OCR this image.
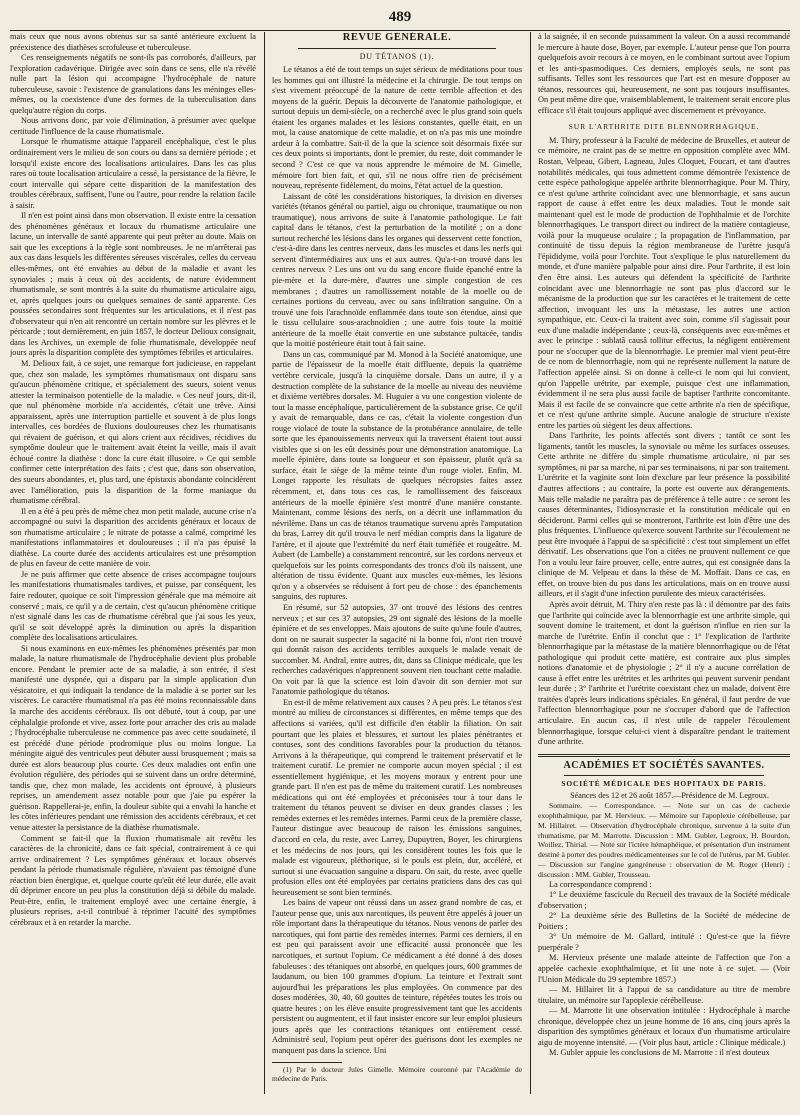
489

mais ceux que nous avons obtenus sur sa santé antérieure excluent la préexistence des diathèses scrofuleuse et tuberculeuse.

Ces renseignements négatifs ne sont-ils pas corroborés, d'ailleurs, par l'exploration cadavérique. Dirigée avec soin dans ce sens, elle n'a révélé nulle part la lésion qui accompagne l'hydrocéphale de nature tuberculeuse, savoir : l'existence de granulations dans les méninges elles-mêmes, ou la coexistence d'une des formes de la tuberculisation dans quelqu'autre région du corps.

Nous arrivons donc, par voie d'élimination, à présumer avec quelque certitude l'influence de la cause rhumatismale.

Lorsque le rhumatisme attaque l'appareil encéphalique, c'est le plus ordinairement vers le milieu de son cours ou dans sa dernière période ; et lorsqu'il existe encore des localisations articulaires. Dans les cas plus rares où toute localisation articulaire a cessé, la persistance de la fièvre, le court intervalle qui sépare cette disparition de la manifestation des troubles cérébraux, suffisent, l'une ou l'autre, pour rendre la relation facile à saisir.

Il n'en est point ainsi dans mon observation. Il existe entre la cessation des phénomènes généraux et locaux du rhumatisme articulaire une lacune, un intervalle de santé apparente qui peut prêter au doute. Mais on sait que les exceptions à la règle sont nombreuses. Je ne m'arrêterai pas aux cas dans lesquels les différentes séreuses viscérales, celles du cerveau elles-mêmes, ont été envahies au début de la maladie et avant les synoviales ; mais à ceux où des accidents, de nature évidemment rhumatismale, se sont montrés à la suite du rhumatisme articulaire aigu, et, après quelques jours ou quelques semaines de santé apparente. Ces poussées secondaires sont fréquentes sur les articulations, et il n'est pas d'observateur qui n'en ait rencontré un certain nombre sur les plèvres et le péricarde ; tout dernièrement, en juin 1857, le docteur Delioux consignait, dans les Archives, un exemple de folie rhumatismale, développée neuf jours après la disparition complète des symptômes fébriles et articulaires.

M. Delioux fait, à ce sujet, une remarque fort judicieuse, en rappelant que, chez son malade, les symptômes rhumatismaux ont disparu sans qu'aucun phénomène critique, et spécialement des sueurs, soient venus attester la terminaison potentielle de la maladie. « Ces neuf jours, dit-il, que nul phénomène morbide n'a accidentés, c'était une trêve. Ainsi apparaissent, après une interruption partielle et souvent à de plus longs intervalles, ces bordées de fluxions douloureuses chez les rhumatisants qui révaient de guérison, et qui alors crient aux récidives, récidives du symptôme douleur que le traitement avait éteint la veille, mais il avait échoué contre la diathèse : donc la cure était illusoire. » Ce qui semble confirmer cette interprétation des faits ; c'est que, dans son observation, des sueurs abondantes, et, plus tard, une épistaxis abondante coïncidèrent avec l'amélioration, puis la disparition de la forme maniaque du rhumatisme cérébral.

Il en a été à peu près de même chez mon petit malade, aucune crise n'a accompagné ou suivi la disparition des accidents généraux et locaux de son rhumatisme articulaire ; le nitrate de potasse a calmé, comprimé les manifestations inflammatoires et douloureuses ; il n'a pas épuisé la diathèse. La courte durée des accidents articulaires est une présomption de plus en faveur de cette manière de voir.

Je ne puis affirmer que cette absence de crises accompagne toujours les manifestations rhumatismales tardives, et puisse, par conséquent, les faire redouter, quoique ce soit l'impression générale que ma mémoire ait conservé ; mais, ce qu'il y a de certain, c'est qu'aucun phénomène critique n'est signalé dans les cas de rhumatisme cérébral que j'ai sous les yeux, qu'il se soit développé après la diminution ou après la disparition complète des localisations articulaires.

Si nous examinons en eux-mêmes les phénomènes présentés par mon malade, la nature rhumatismale de l'hydrocéphalie devient plus probable encore. Pendant le premier acte de sa maladie, à son entrée, il s'est manifesté une dyspnée, qui a disparu par la simple application d'un vésicatoire, et qui indiquait la tendance de la maladie à se porter sur les viscères. Le caractère rhumatismal n'a pas été moins reconnaissable dans la marche des accidents cérébraux. Ils ont débuté, tout à coup, par une céphalalgie profonde et vive, assez forte pour arracher des cris au malade ; l'hydrocéphalie tuberculeuse ne commence pas avec cette soudaineté, il est précédé d'une période prodromique plus ou moins longue. La méningite aiguë des ventricules peut débuter aussi brusquement ; mais sa durée est alors beaucoup plus courte. Ces deux maladies ont enfin une évolution régulière, des périodes qui se suivent dans un ordre déterminé, tandis que, chez mon malade, les accidents ont éprouvé, à plusieurs reprises, un amendement assez notable pour que j'aie pu espérer la guérison. Rappellerai-je, enfin, la douleur subite qui a envahi la hanche et les côtes inférieures pendant une rémission des accidents cérébraux, et cet venue attester la persistance de la diathèse rhumatismale.

Comment se fait-il que la fluxion rhumatismale ait revêtu les caractères de la chronicité, dans ce fait spécial, contrairement à ce qui arrive ordinairement ? Les symptômes généraux et locaux observés pendant la période rhumatismale régulière, n'avaient pas témoigné d'une réaction bien énergique, et, quelque courte qu'eût été leur durée, elle avait dû déprimer encore un peu plus la constitution déjà si débile du malade. Peut-être, enfin, le traitement employé avec une certaine énergie, à plusieurs reprises, a-t-il contribué à réprimer l'acuité des symptômes cérébraux et à en retarder la marche.

REVUE GÉNÉRALE.
DU TÉTANOS (1).

Le tétanos a été de tout temps un sujet sérieux de méditations pour tous les hommes qui ont illustré la médecine et la chirurgie. De tout temps on s'est vivement préoccupé de la nature de cette terrible affection et des moyens de la guérir. Depuis la découverte de l'anatomie pathologique, et surtout depuis un demi-siècle, on a recherché avec le plus grand soin quels étaient les organes malades et les lésions constantes, quelle était, en un mot, la cause anatomique de cette maladie, et on n'a pas mis une moindre ardeur à la combattre. Sait-il de la que la science soit désormais fixée sur ces deux points si importants, dont le premier, du reste, doit commander le second ? C'est ce que va nous apprendre le mémoire de M. Gimelle, mémoire fort bien fait, et qui, s'il ne nous offre rien de précisément nouveau, représente fidèlement, du moins, l'état actuel de la question.

Laissant de côté les considérations historiques, la division en diverses variétés (tétanos général ou partiel, aigu ou chronique, traumatique ou non traumatique), nous arrivons de suite à l'anatomie pathologique. Le fait capital dans le tétanos, c'est la perturbation de la motilité ; on a donc surtout recherché les lésions dans les organes qui desservent cette fonction, c'est-à-dire dans les centres nerveux, dans les muscles et dans les nerfs qui servent d'intermédiaires aux uns et aux autres. Qu'a-t-on trouvé dans les centres nerveux ? Les uns ont vu du sang encore fluide épanché entre la pie-mère et la dure-mère, d'autres une simple congestion de ces membranes ; d'autres un ramollissement notable de la moelle ou de certaines portions du cerveau, avec ou sans infiltration sanguine. On a trouvé une fois l'arachnoïde enflammée dans toute son étendue, ainsi que le tissu cellulaire sous-arachnoïdien ; une autre fois toute la moitié antérieure de la moelle était convertie en une substance pultacée, tandis que la moitié postérieure était tout à fait saine.

Dans un cas, communiqué par M. Monod à la Société anatomique, une partie de l'épaisseur de la moelle était diffluente, depuis la quatrième vertèbre cervicale, jusqu'à la cinquième dorsale. Dans un autre, il y a destruction complète de la substance de la moelle au niveau des neuvième et dixième vertèbres dorsales. M. Huguier a vu une congestion violente de tout la masse encéphalique, particulièrement de la substance grise. Ce qu'il y avait de remarquable, dans ce cas, c'était la violente congestion d'un rouge violacé de toute la substance de la protubérance annulaire, de telle sorte que les épanouissements nerveux qui la traversent étaient tout aussi visibles que si on les eût dessinés pour une démonstration anatomique. La moelle épinière, dans toute sa longueur et son épaisseur, plutôt qu'à sa surface, était le siège de la même teinte d'un rouge violet. Enfin, M. Longet rapporte les résultats de quelques nécropsies faites assez récemment, et, dans tous ces cas, le ramollissement des faisceaux antérieurs de la moelle épinière s'est montré d'une manière constante. Maintenant, comme lésions des nerfs, on a décrit une inflammation du névrilème. Dans un cas de tétanos traumatique survenu après l'amputation du bras, Larrey dit qu'il trouva le nerf médian compris dans la ligature de l'artère, et il ajoute que l'extrémité du nerf était tuméfiée et rougeâtre. M. Aubert (de Lambelle) a constamment rencontré, sur les cordons nerveux et quelquefois sur les points correspondants des troncs d'où ils naissent, une altération de tissu évidente. Quant aux muscles eux-mêmes, les lésions qu'on y a observées se réduisent à fort peu de chose : des épanchements sanguins, des ruptures.

En résumé, sur 52 autopsies, 37 ont trouvé des lésions des centres nerveux ; et sur ces 37 autopsies, 29 ont signalé des lésions de la moelle épinière et de ses enveloppes. Mais ajoutons de suite qu'une foule d'autres, dont on ne saurait suspecter la sagacité ni la bonne foi, n'ont rien trouvé qui donnât raison des accidents terribles auxquels le malade venait de succomber. M. Andral, entre autres, dit, dans sa Clinique médicale, que les recherches cadavériques n'apprennent souvent rien touchant cette maladie. On voit par là que la science est loin d'avoir dit son dernier mot sur l'anatomie pathologique du tétanos.

En est-il de même relativement aux causes ? A peu près. Le tétanos s'est montré au milieu de circonstances si différentes, en même temps que des affections si variées, qu'il est difficile d'en établir la filiation. On sait pourtant que les plaies et blessures, et surtout les plaies pénétrantes et contuses, sont des conditions favorables pour la production du tétanos. Arrivons à la thérapeutique, qui comprend le traitement préservatif et le traitement curatif. Le premier ne comporte aucun moyen spécial ; il est essentiellement hygiénique, et les moyens moraux y entrent pour une grande part. Il n'en est pas de même du traitement curatif. Les nombreuses médications qui ont été employées et préconisées tour à tour dans le traitement du tétanos peuvent se diviser en deux grandes classes ; les remèdes externes et les remèdes internes. Parmi ceux de la première classe, l'auteur distingue avec beaucoup de raison les émissions sanguines, d'accord en cela, du reste, avec Larrey, Dupuytren, Boyer, les chirurgiens et les médecins de nos jours, qui les considèrent toutes les fois que le malade est vigoureux, pléthorique, si le pouls est plein, dur, accéléré, et surtout si une évacuation sanguine a disparu. On sait, du reste, avec quelle profusion elles ont été employées par certains praticiens dans des cas qui heureusement se sont bien terminés.

Les bains de vapeur ont réussi dans un assez grand nombre de cas, et l'auteur pense que, unis aux narcotiques, ils peuvent être appelés à jouer un rôle important dans la thérapeutique du tétanos. Nous venons de parler des narcotiques, qui font partie des remèdes internes. Parmi ces derniers, il en est peu qui paraissent avoir une efficacité aussi prononcée que les narcotiques, et surtout l'opium. Ce médicament a été donné à des doses fabuleuses : des tétaniques ont absorbé, en quelques jours, 600 grammes de laudanum, ou bien 100 grammes d'opium. La teinture et l'extrait sont aujourd'hui les préparations les plus employées. On commence par des doses modérées, 30, 40, 60 gouttes de teinture, répétées toutes les trois ou quatre heures ; on les élève ensuite progressivement tant que les accidents persistent ou augmentent, et il faut insister encore sur leur emploi plusieurs jours après que les contractions tétaniques ont entièrement cessé. Administré seul, l'opium peut opérer des guérisons dont les exemples ne manquent pas dans la science. Uni

(1) Par le docteur Jules Gimelle. Mémoire couronné par l'Académie de médecine de Paris.

à la saignée, il en seconde puissamment la valeur. On a aussi recommandé le mercure à haute dose, Boyer, par exemple. L'auteur pense que l'on pourra quelquefois avoir recours à ce moyen, en le combinant surtout avec l'opium et les anti-spasmodiques. Ces derniers, employés seuls, ne sont pas suffisants. Telles sont les ressources que l'art est en mesure d'opposer au tétanos, ressources qui, heureusement, ne sont pas toujours insuffisantes. On peut même dire que, vraisemblablement, le traitement serait encore plus efficace s'il était toujours appliqué avec discernement et prévoyance.

SUR L'ARTHRITE DITE BLENNORRHAGIQUE.

M. Thiry, professeur à la Faculté de médecine de Bruxelles, et auteur de ce mémoire, ne craint pas de se mettre en opposition complète avec MM. Rostan, Velpeau, Gibert, Lagneau, Jules Cloquet, Foucart, et tant d'autres notabilités médicales, qui tous admettent comme démontrée l'existence de cette espèce pathologique appelée arthrite blennorrhagique. Pour M. Thiry, ce n'est qu'une arthrite coïncidant avec une blennorrhagie, et sans aucun rapport de cause à effet entre les deux maladies. Tout le monde sait maintenant quel est le mode de production de l'ophthalmie et de l'orchite blennorrhagiques. Le transport direct ou indirect de la matière contagieuse, voilà pour la muqueuse oculaire ; la propagation de l'inflammation, par continuité de tissu depuis la région membraneuse de l'urètre jusqu'à l'épididyme, voilà pour l'orchite. Tout s'explique le plus naturellement du monde, et d'une manière palpable pour ainsi dire. Pour l'arthrite, il est loin d'en être ainsi. Les auteurs qui défendent la spécificité de l'arthrite coïncidant avec une blennorrhagie ne sont pas plus d'accord sur le mécanisme de la production que sur les caractères et le traitement de cette affection, invoquant les uns la métastase, les autres une action sympathique, etc. Ceux-ci la traitent avec soin, comme s'il s'agissait pour eux d'une maladie indépendante ; ceux-là, conséquents avec eux-mêmes et avec le principe : sublatâ causâ tollitur effectus, la négligent entièrement pour ne s'occuper que de la blennorrhagie. Le premier mal vient peut-être de ce nom de blennorrhagie, nom qui ne représente nullement la nature de l'affection appelée ainsi. Si on donne à celle-ci le nom qui lui convient, qu'on l'appelle urétrite, par exemple, puisque c'est une inflammation, évidemment il ne sera plus aussi facile de baptiser l'arthrite concomitante. Mais il est facile de se convaincre que cette arthrite n'a rien de spécifique, et ce n'est qu'une arthrite simple. Aucune analogie de structure n'existe entre les parties où siègent les deux affections.

Dans l'arthrite, les points affectés sont divers ; tantôt ce sont les ligaments, tantôt les muscles, la synoviale ou même les surfaces osseuses. Cette arthrite ne diffère du simple rhumatisme articulaire, ni par ses symptômes, ni par sa marche, ni par ses terminaisons, ni par son traitement. L'urétrite et la vaginite sont loin d'exclure par leur présence la possibilité d'autres affections ; au contraire, la porte est ouverte aux dérangements. Mais telle maladie ne paraîtra pas de préférence à telle autre : ce seront les causes déterminantes, l'idiosyncrasie et la constitution médicale qui en décideront. Parmi celles qui se montreront, l'arthrite est loin d'être une des plus fréquentes. L'influence qu'exerce souvent l'arthrite sur l'écoulement ne peut être invoquée à l'appui de sa spécificité : c'est tout simplement un effet dérivatif. Les observations que l'on a citées ne prouvent nullement ce que l'on a voulu leur faire prouver, celle, entre autres, qui est consignée dans la clinique de M. Velpeau et dans la thèse de M. Moffait. Dans ce cas, en effet, on trouve bien du pus dans les articulations, mais on en trouve aussi ailleurs, et il s'agit d'une infection purulente des mieux caractérisées.

Après avoir détruit, M. Thiry n'en reste pas là : il démontre par des faits que l'arthrite qui coïncide avec la blennorrhagie est une arthrite simple, qui souvent domine le traitement, et dont la guérison n'influe en rien sur la marche de l'urétrite. Enfin il conclut que : 1° l'explication de l'arthrite blennorrhagique par la métastase de la matière blennorrhagique ou de l'état pathologique qui produit cette matière, est contraire aux plus simples notions d'anatomie et de physiologie ; 2° il n'y a aucune corrélation de cause à effet entre les urétrites et les arthrites qui peuvent survenir pendant leur durée ; 3° l'arthrite et l'urétrite coexistant chez un malade, doivent être traitées d'après leurs indications spéciales. En général, il faut perdre de vue l'affection blennorrhagique pour ne s'occuper d'abord que de l'affection articulaire. En aucun cas, il n'est utile de rappeler l'écoulement blennorrhagique, lorsque celui-ci vient à disparaître pendant le traitement d'une arthrite.

ACADÉMIES ET SOCIÉTÉS SAVANTES.
SOCIÉTÉ MÉDICALE DES HOPITAUX DE PARIS.

Séances des 12 et 26 août 1857.—Présidence de M. Legroux.

Sommaire. — Correspondance. — Note sur un cas de cachexie exophthalmique, par M. Hervieux. — Mémoire sur l'apoplexie cérébelleuse, par M. Hillairet. — Observation d'hydrocéphale chronique, survenue à la suite d'un rhumatisme, par M. Marrotte. Discussion : MM. Gubler, Legroux, H. Bourdon, Woillez, Thirial. — Note sur l'ictère hémaphéique, et présentation d'un instrument destiné à porter des poudres médicamenteuses sur le col de l'utérus, par M. Gubler. — Discussion sur l'angine gangréneuse : observation de M. Roger (Henri) ; discussion : MM. Gubler, Trousseau.

La correspondance comprend :

1° Le deuxième fascicule du Recueil des travaux de la Société médicale d'observation ;

2° La deuxième série des Bulletins de la Société de médecine de Poitiers ;

3° Un mémoire de M. Gallard, intitulé : Qu'est-ce que la fièvre puerpérale ?

M. Hervieux présente une malade atteinte de l'affection que l'on a appelée cachexie exophthalmique, et lit une note à ce sujet. — (Voir l'Union Médicale du 29 septembre 1857.)

— M. Hillairet lit à l'appui de sa candidature au titre de membre titulaire, un mémoire sur l'apoplexie cérébelleuse.

— M. Marrotte lit une observation intitulée : Hydrocéphale à marche chronique, développée chez un jeune homme de 16 ans, cinq jours après la disparition des symptômes généraux et locaux d'un rhumatisme articulaire aigu de moyenne intensité. — (Voir plus haut, article : Clinique médicale.)

M. Gubler appuie les conclusions de M. Marrotte : il n'est douteux
